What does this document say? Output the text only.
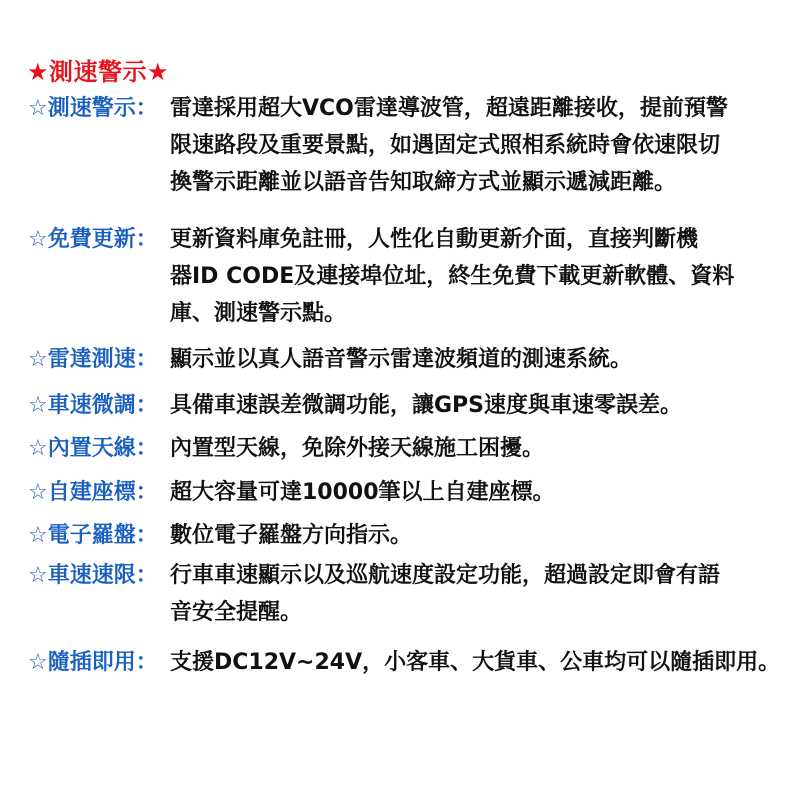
★測速警示★
☆測速警示： 雷達採用超大VCO雷達導波管，超遠距離接收，提前預警
限速路段及重要景點，如遇固定式照相系統時會依速限切
換警示距離並以語音告知取締方式並顯示遞減距離。
☆免費更新： 更新資料庫免註冊，人性化自動更新介面，直接判斷機
器ID CODE及連接埠位址，終生免費下載更新軟體、資料
庫、測速警示點。
☆雷達測速： 顯示並以真人語音警示雷達波頻道的測速系統。
☆車速微調： 具備車速誤差微調功能，讓GPS速度與車速零誤差。
☆內置天線： 內置型天線，免除外接天線施工困擾。
☆自建座標： 超大容量可達10000筆以上自建座標。
☆電子羅盤： 數位電子羅盤方向指示。
☆車速速限： 行車車速顯示以及巡航速度設定功能，超過設定即會有語
音安全提醒。
☆隨插即用： 支援DC12V~24V，小客車、大貨車、公車均可以隨插即用。
